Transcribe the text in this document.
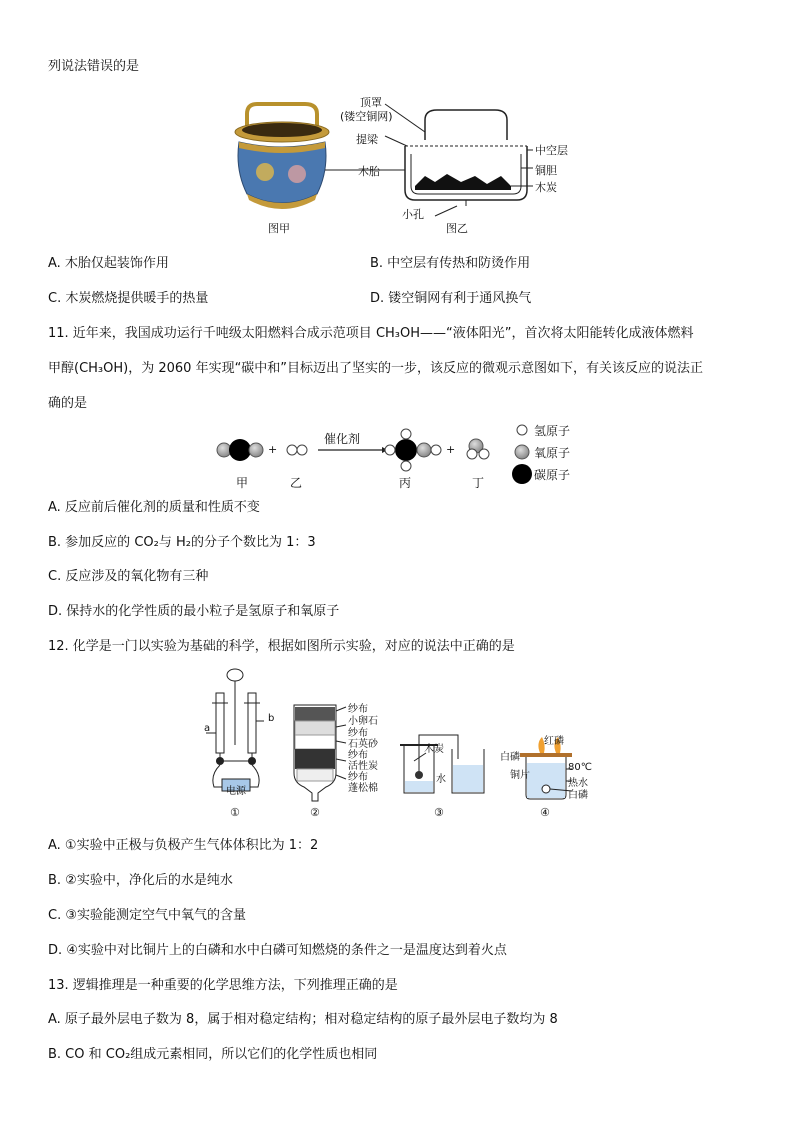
列说法错误的是
顶罩
(镂空铜网)
提梁
木胎
中空层
铜胆
木炭
小孔
图甲	图乙
A. 木胎仅起装饰作用	B. 中空层有传热和防烫作用
C. 木炭燃烧提供暖手的热量	D. 镂空铜网有利于通风换气
11. 近年来，我国成功运行千吨级太阳燃料合成示范项目 CH₃OH——“液体阳光”，首次将太阳能转化成液体燃料
甲醇(CH₃OH)，为 2060 年实现“碳中和”目标迈出了坚实的一步，该反应的微观示意图如下，有关该反应的说法正
确的是
催化剂
+	+
甲	乙	丙	丁
氢原子
氧原子
碳原子
A. 反应前后催化剂的质量和性质不变
B. 参加反应的 CO₂与 H₂的分子个数比为 1：3
C. 反应涉及的氧化物有三种
D. 保持水的化学性质的最小粒子是氢原子和氧原子
12. 化学是一门以实验为基础的科学，根据如图所示实验，对应的说法中正确的是
a
b
电源
①
纱布
小卵石
纱布
石英砂
纱布
活性炭
纱布
蓬松棉
②
木炭
水
③
红磷
白磷
铜片
80℃
热水
白磷
④
A. ①实验中正极与负极产生气体体积比为 1：2
B. ②实验中，净化后的水是纯水
C. ③实验能测定空气中氧气的含量
D. ④实验中对比铜片上的白磷和水中白磷可知燃烧的条件之一是温度达到着火点
13. 逻辑推理是一种重要的化学思维方法，下列推理正确的是
A. 原子最外层电子数为 8，属于相对稳定结构；相对稳定结构的原子最外层电子数均为 8
B. CO 和 CO₂组成元素相同，所以它们的化学性质也相同
